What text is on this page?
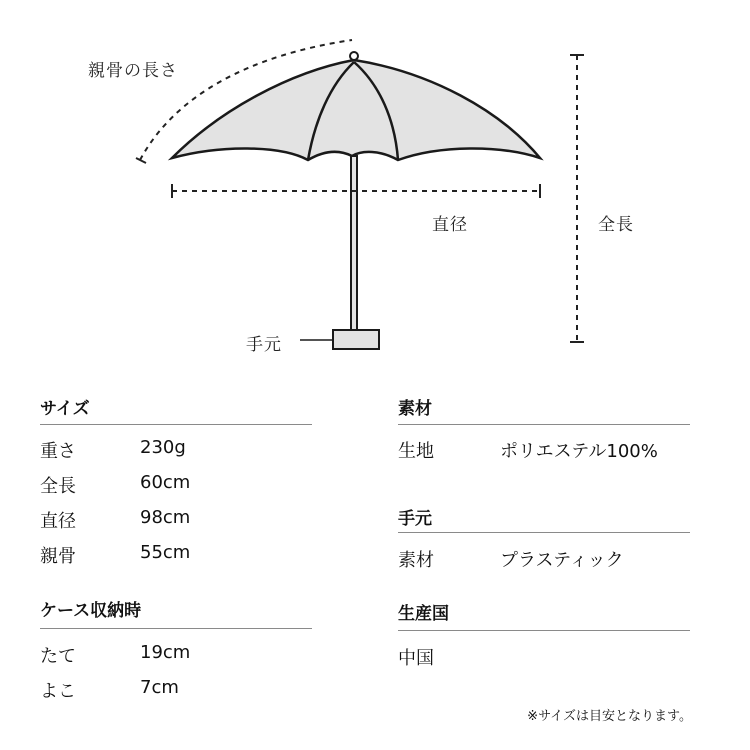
親骨の長さ
直径	全長
手元
サイズ
重さ	230g
全長	60cm
直径	98cm
親骨	55cm
ケース収納時
たて	19cm
よこ	7cm
素材
生地	ポリエステル100%
手元
素材	プラスティック
生産国
中国
※サイズは目安となります。
